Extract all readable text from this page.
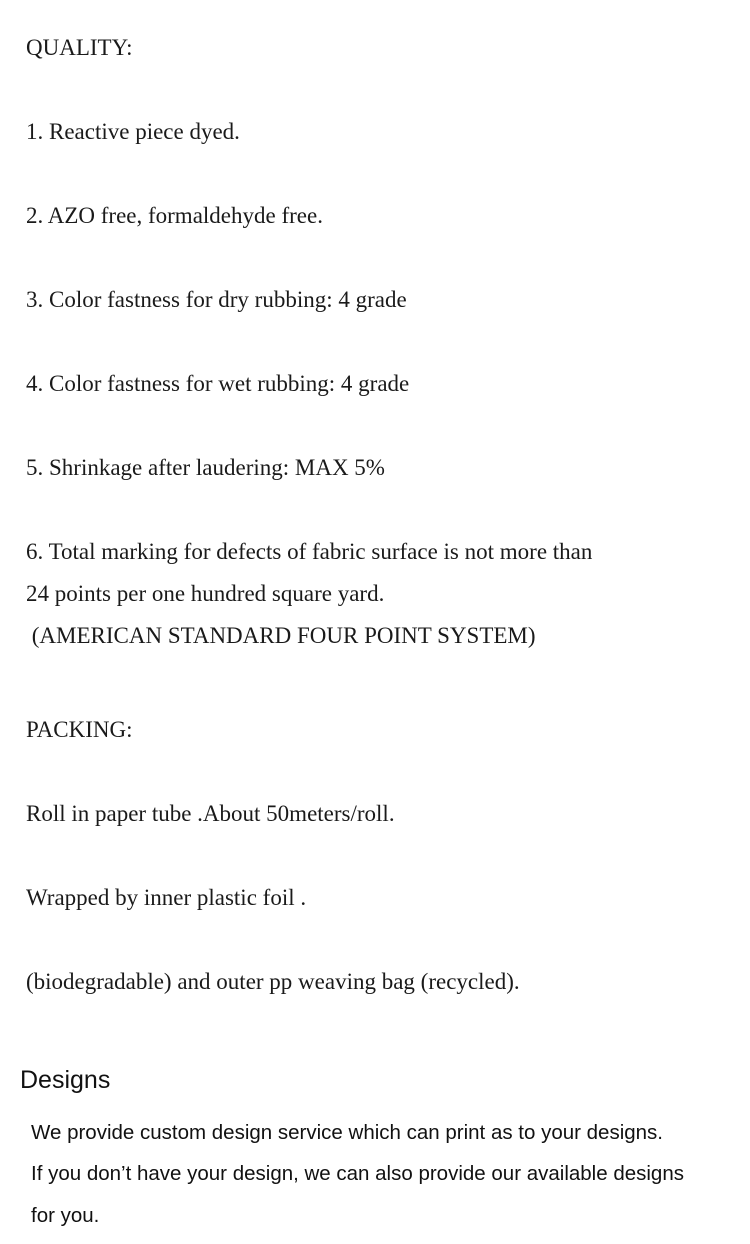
QUALITY:

1. Reactive piece dyed.

2. AZO free, formaldehyde free.

3. Color fastness for dry rubbing: 4 grade

4. Color fastness for wet rubbing: 4 grade

5. Shrinkage after laudering: MAX 5%

6. Total marking for defects of fabric surface is not more than

24 points per one hundred square yard.

(AMERICAN STANDARD FOUR POINT SYSTEM)

PACKING:

Roll in paper tube .About 50meters/roll.

Wrapped by inner plastic foil .

(biodegradable) and outer pp weaving bag (recycled).

Designs

We provide custom design service which can print as to your designs.

If you don’t have your design, we can also provide our available designs

for you.
